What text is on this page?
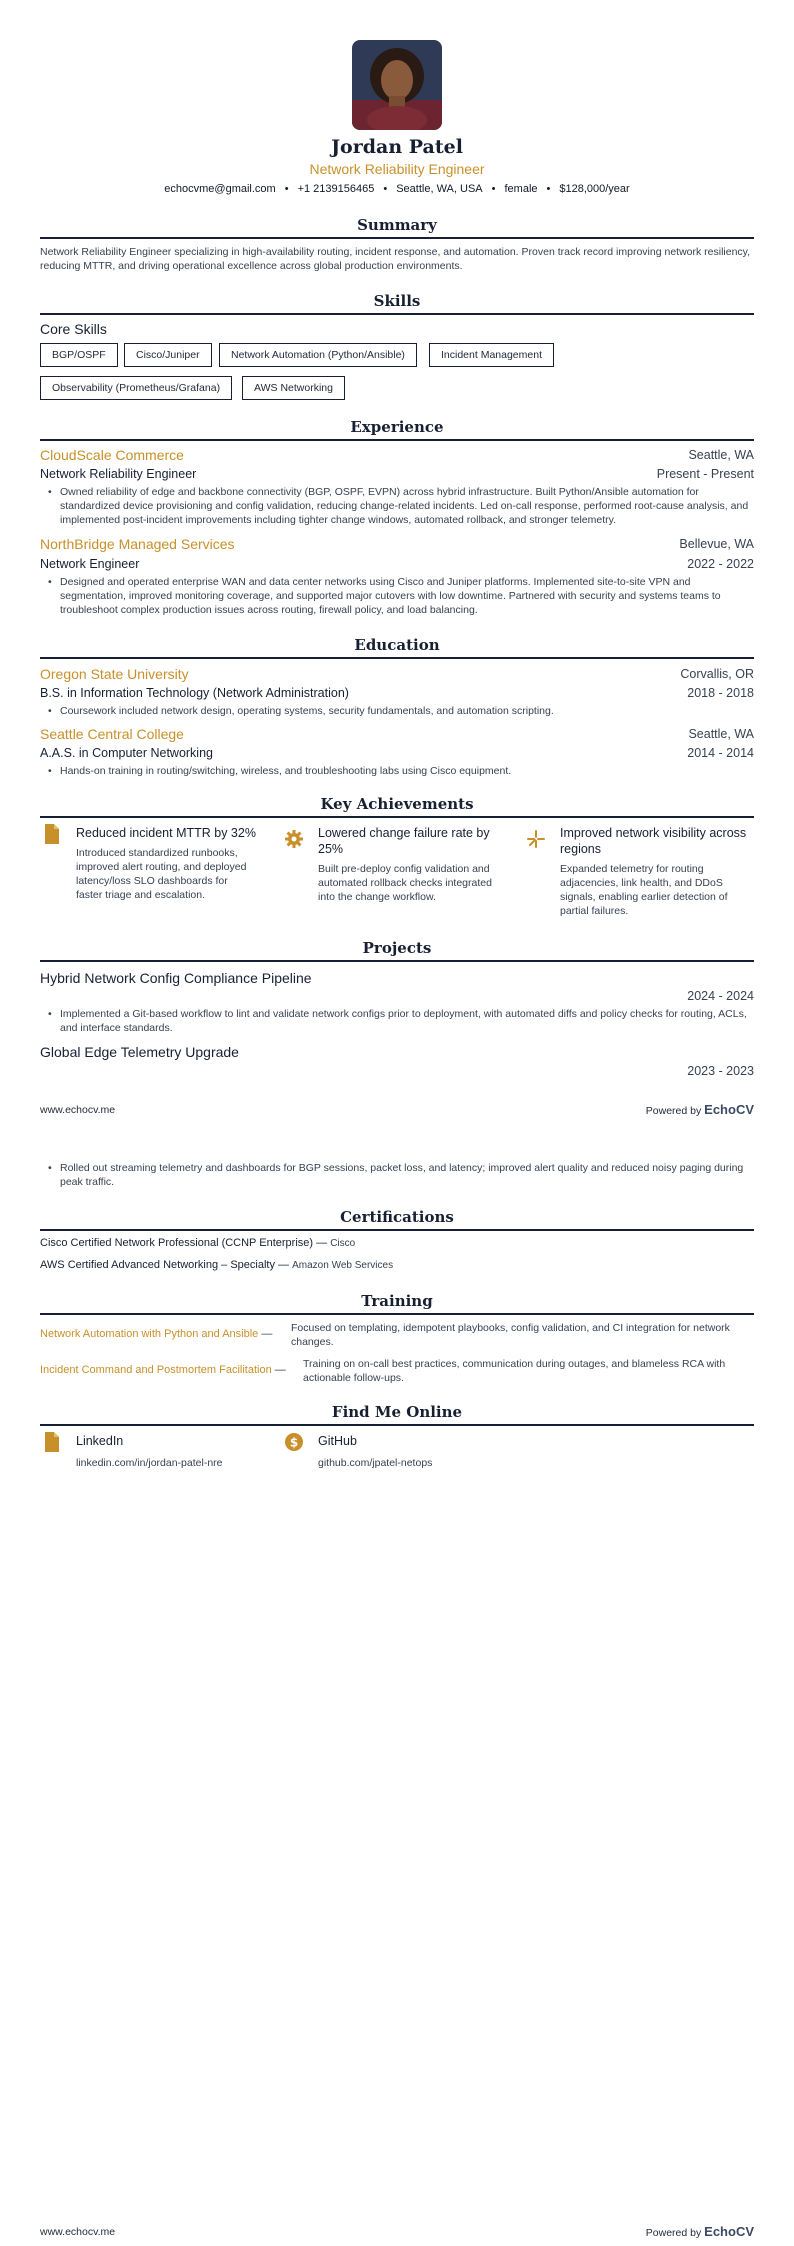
Jordan Patel
Network Reliability Engineer
echocvme@gmail.com • +1 2139156465 • Seattle, WA, USA • female • $128,000/year
Summary
Network Reliability Engineer specializing in high-availability routing, incident response, and automation. Proven track record improving network resiliency, reducing MTTR, and driving operational excellence across global production environments.
Skills
Core Skills
BGP/OSPF	Cisco/Juniper	Network Automation (Python/Ansible)	Incident Management
Observability (Prometheus/Grafana)	AWS Networking
Experience
CloudScale Commerce	Seattle, WA
Network Reliability Engineer	Present - Present
• Owned reliability of edge and backbone connectivity (BGP, OSPF, EVPN) across hybrid infrastructure. Built Python/Ansible automation for standardized device provisioning and config validation, reducing change-related incidents. Led on-call response, performed root-cause analysis, and implemented post-incident improvements including tighter change windows, automated rollback, and stronger telemetry.
NorthBridge Managed Services	Bellevue, WA
Network Engineer	2022 - 2022
• Designed and operated enterprise WAN and data center networks using Cisco and Juniper platforms. Implemented site-to-site VPN and segmentation, improved monitoring coverage, and supported major cutovers with low downtime. Partnered with security and systems teams to troubleshoot complex production issues across routing, firewall policy, and load balancing.
Education
Oregon State University	Corvallis, OR
B.S. in Information Technology (Network Administration)	2018 - 2018
• Coursework included network design, operating systems, security fundamentals, and automation scripting.
Seattle Central College	Seattle, WA
A.A.S. in Computer Networking	2014 - 2014
• Hands-on training in routing/switching, wireless, and troubleshooting labs using Cisco equipment.
Key Achievements
Reduced incident MTTR by 32%
Introduced standardized runbooks, improved alert routing, and deployed latency/loss SLO dashboards for faster triage and escalation.
Lowered change failure rate by 25%
Built pre-deploy config validation and automated rollback checks integrated into the change workflow.
Improved network visibility across regions
Expanded telemetry for routing adjacencies, link health, and DDoS signals, enabling earlier detection of partial failures.
Projects
Hybrid Network Config Compliance Pipeline
2024 - 2024
• Implemented a Git-based workflow to lint and validate network configs prior to deployment, with automated diffs and policy checks for routing, ACLs, and interface standards.
Global Edge Telemetry Upgrade
2023 - 2023
www.echocv.me	Powered by EchoCV
• Rolled out streaming telemetry and dashboards for BGP sessions, packet loss, and latency; improved alert quality and reduced noisy paging during peak traffic.
Certifications
Cisco Certified Network Professional (CCNP Enterprise) — Cisco
AWS Certified Advanced Networking – Specialty — Amazon Web Services
Training
Network Automation with Python and Ansible — Focused on templating, idempotent playbooks, config validation, and CI integration for network changes.
Incident Command and Postmortem Facilitation — Training on on-call best practices, communication during outages, and blameless RCA with actionable follow-ups.
Find Me Online
LinkedIn
linkedin.com/in/jordan-patel-nre
$ GitHub
github.com/jpatel-netops
www.echocv.me	Powered by EchoCV
